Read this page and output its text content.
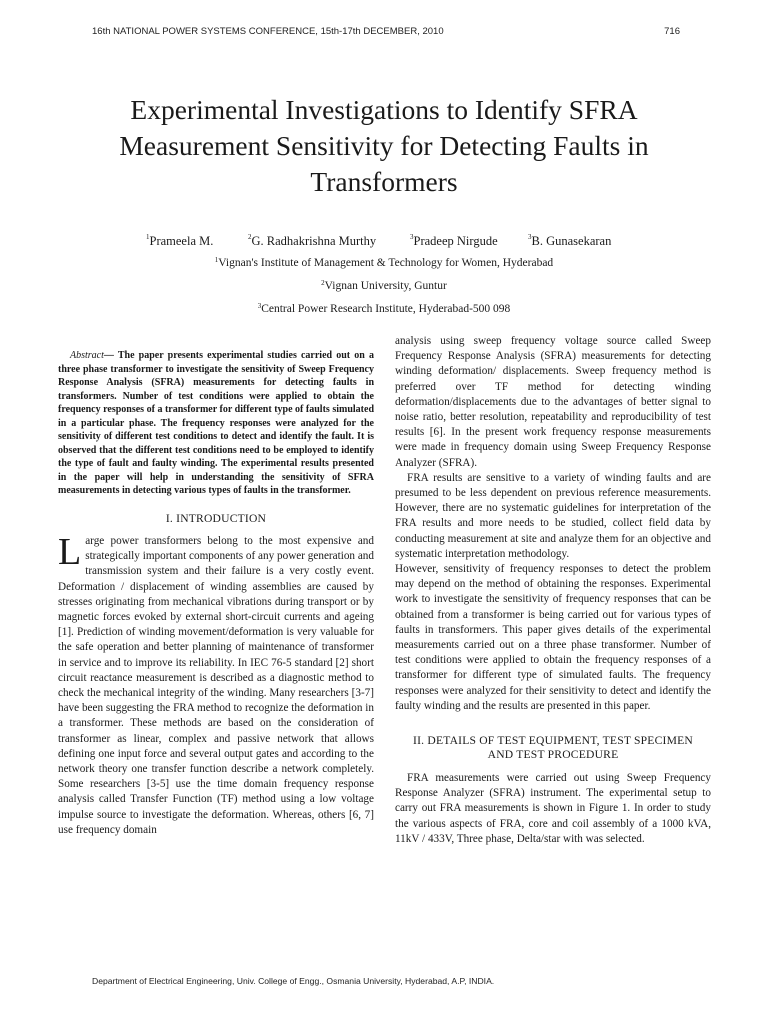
16th NATIONAL POWER SYSTEMS CONFERENCE, 15th-17th DECEMBER, 2010	716
Experimental Investigations to Identify SFRA
Measurement Sensitivity for Detecting Faults in
Transformers
$^1$Prameela M.	$^2$G. Radhakrishna Murthy	$^3$Pradeep Nirgude	$^3$B. Gunasekaran
$^1$Vignan's Institute of Management & Technology for Women, Hyderabad
$^2$Vignan University, Guntur
$^3$Central Power Research Institute, Hyderabad-500 098

Abstract— The paper presents experimental studies carried out on a three phase transformer to investigate the sensitivity of Sweep Frequency Response Analysis (SFRA) measurements for detecting faults in transformers. Number of test conditions were applied to obtain the frequency responses of a transformer for different type of faults simulated in a particular phase. The frequency responses were analyzed for the sensitivity of different test conditions to detect and identify the fault. It is observed that the different test conditions need to be employed to identify the type of fault and faulty winding. The experimental results presented in the paper will help in understanding the sensitivity of SFRA measurements in detecting various types of faults in the transformer.

I. INTRODUCTION

Large power transformers belong to the most expensive and strategically important components of any power generation and transmission system and their failure is a very costly event. Deformation / displacement of winding assemblies are caused by stresses originating from mechanical vibrations during transport or by magnetic forces evoked by external short-circuit currents and ageing [1]. Prediction of winding movement/deformation is very valuable for the safe operation and better planning of maintenance of transformer in service and to improve its reliability. In IEC 76-5 standard [2] short circuit reactance measurement is described as a diagnostic method to check the mechanical integrity of the winding. Many researchers [3-7] have been suggesting the FRA method to recognize the deformation in a transformer. These methods are based on the consideration of transformer as linear, complex and passive network that allows defining one input force and several output gates and according to the network theory one transfer function describe a network completely. Some researchers [3-5] use the time domain frequency response analysis called Transfer Function (TF) method using a low voltage impulse source to investigate the deformation. Whereas, others [6, 7] use frequency domain

analysis using sweep frequency voltage source called Sweep Frequency Response Analysis (SFRA) measurements for detecting winding deformation/ displacements. Sweep frequency method is preferred over TF method for detecting winding deformation/displacements due to the advantages of better signal to noise ratio, better resolution, repeatability and reproducibility of test results [6]. In the present work frequency response measurements were made in frequency domain using Sweep Frequency Response Analyzer (SFRA).

FRA results are sensitive to a variety of winding faults and are presumed to be less dependent on previous reference measurements. However, there are no systematic guidelines for interpretation of the FRA results and more needs to be studied, collect field data by conducting measurement at site and analyze them for an objective and systematic interpretation methodology.

However, sensitivity of frequency responses to detect the problem may depend on the method of obtaining the responses. Experimental work to investigate the sensitivity of frequency responses that can be obtained from a transformer is being carried out for various types of faults in transformers. This paper gives details of the experimental measurements carried out on a three phase transformer. Number of test conditions were applied to obtain the frequency responses of a transformer for different type of simulated faults. The frequency responses were analyzed for their sensitivity to detect and identify the faulty winding and the results are presented in this paper.

II. DETAILS OF TEST EQUIPMENT, TEST SPECIMEN

AND TEST PROCEDURE

FRA measurements were carried out using Sweep Frequency Response Analyzer (SFRA) instrument. The experimental setup to carry out FRA measurements is shown in Figure 1. In order to study the various aspects of FRA, core and coil assembly of a 1000 kVA, 11kV / 433V, Three phase, Delta/star with was selected.

Department of Electrical Engineering, Univ. College of Engg., Osmania University, Hyderabad, A.P, INDIA.
